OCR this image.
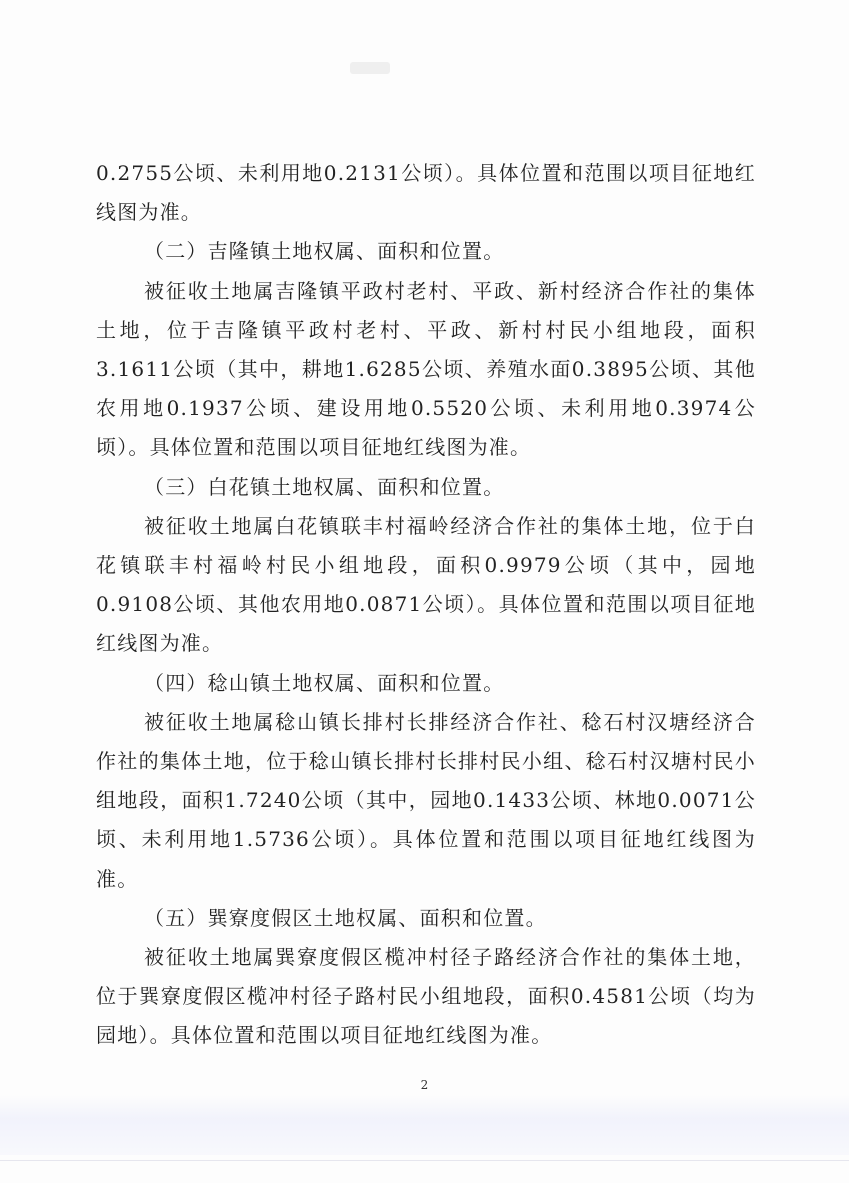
0.2755公顷、未利用地0.2131公顷）。具体位置和范围以项目征地红线图为准。

（二）吉隆镇土地权属、面积和位置。

被征收土地属吉隆镇平政村老村、平政、新村经济合作社的集体土地，位于吉隆镇平政村老村、平政、新村村民小组地段，面积3.1611公顷（其中，耕地1.6285公顷、养殖水面0.3895公顷、其他农用地0.1937公顷、建设用地0.5520公顷、未利用地0.3974公顷）。具体位置和范围以项目征地红线图为准。

（三）白花镇土地权属、面积和位置。

被征收土地属白花镇联丰村福岭经济合作社的集体土地，位于白花镇联丰村福岭村民小组地段，面积0.9979公顷（其中，园地0.9108公顷、其他农用地0.0871公顷）。具体位置和范围以项目征地红线图为准。

（四）稔山镇土地权属、面积和位置。

被征收土地属稔山镇长排村长排经济合作社、稔石村汉塘经济合作社的集体土地，位于稔山镇长排村长排村民小组、稔石村汉塘村民小组地段，面积1.7240公顷（其中，园地0.1433公顷、林地0.0071公顷、未利用地1.5736公顷）。具体位置和范围以项目征地红线图为准。

（五）巽寮度假区土地权属、面积和位置。

被征收土地属巽寮度假区榄冲村径子路经济合作社的集体土地，位于巽寮度假区榄冲村径子路村民小组地段，面积0.4581公顷（均为园地）。具体位置和范围以项目征地红线图为准。

2
